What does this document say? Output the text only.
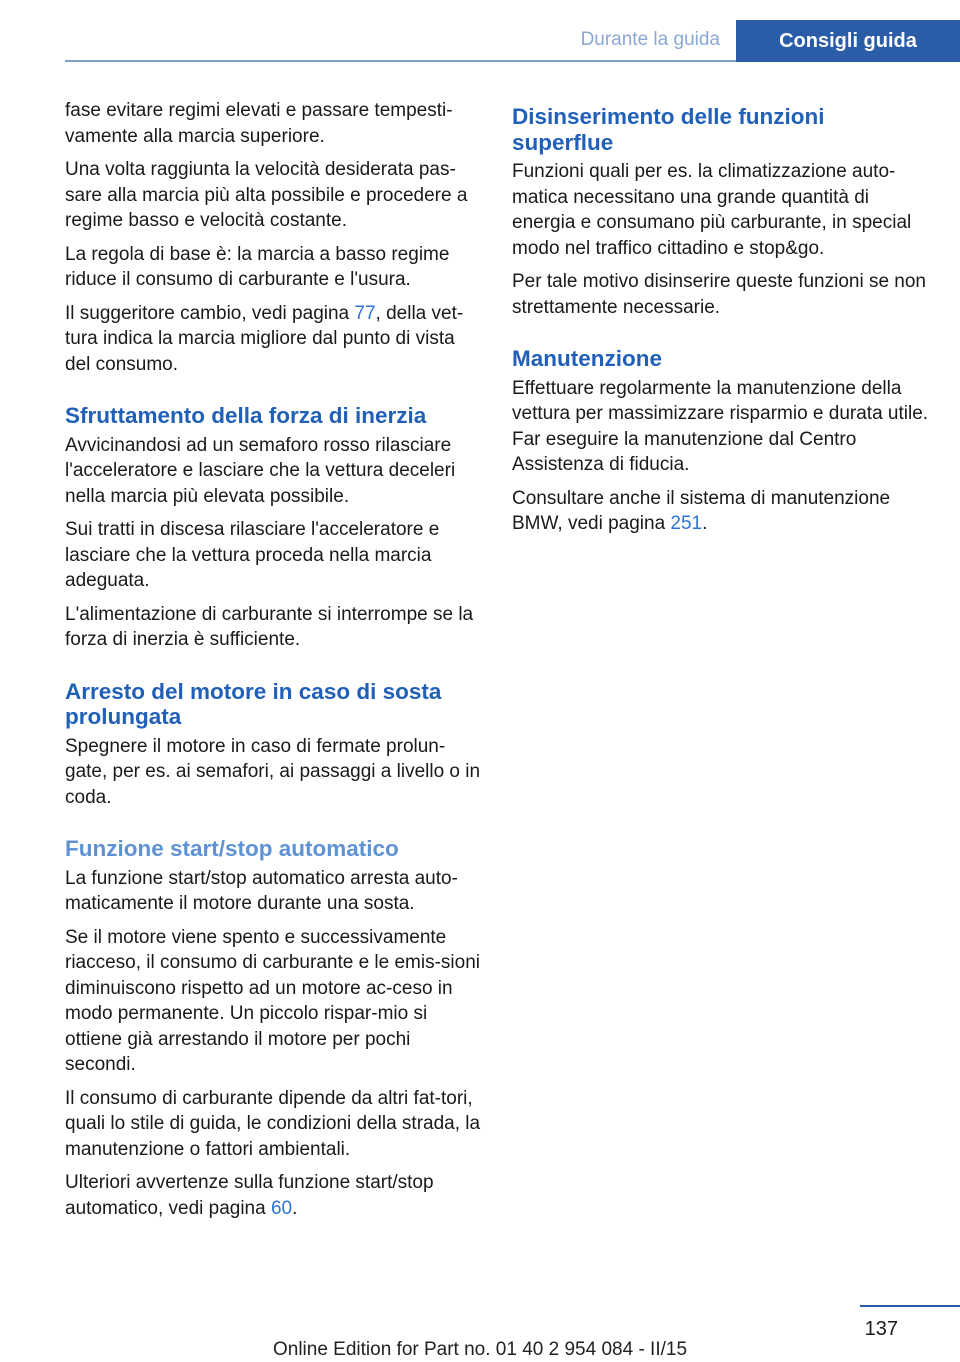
Durante la guida	Consigli guida

fase evitare regimi elevati e passare tempesti-vamente alla marcia superiore.

Una volta raggiunta la velocità desiderata pas-sare alla marcia più alta possibile e procedere a regime basso e velocità costante.

La regola di base è: la marcia a basso regime riduce il consumo di carburante e l'usura.

Il suggeritore cambio, vedi pagina 77, della vet-tura indica la marcia migliore dal punto di vista del consumo.

Sfruttamento della forza di inerzia

Avvicinandosi ad un semaforo rosso rilasciare l'acceleratore e lasciare che la vettura deceleri nella marcia più elevata possibile.

Sui tratti in discesa rilasciare l'acceleratore e lasciare che la vettura proceda nella marcia adeguata.

L'alimentazione di carburante si interrompe se la forza di inerzia è sufficiente.

Arresto del motore in caso di sosta prolungata

Spegnere il motore in caso di fermate prolun-gate, per es. ai semafori, ai passaggi a livello o in coda.

Funzione start/stop automatico

La funzione start/stop automatico arresta auto-maticamente il motore durante una sosta.

Se il motore viene spento e successivamente riacceso, il consumo di carburante e le emis-sioni diminuiscono rispetto ad un motore ac-ceso in modo permanente. Un piccolo rispar-mio si ottiene già arrestando il motore per pochi secondi.

Il consumo di carburante dipende da altri fat-tori, quali lo stile di guida, le condizioni della strada, la manutenzione o fattori ambientali.

Ulteriori avvertenze sulla funzione start/stop automatico, vedi pagina 60.

Disinserimento delle funzioni superflue

Funzioni quali per es. la climatizzazione auto-matica necessitano una grande quantità di energia e consumano più carburante, in special modo nel traffico cittadino e stop&go.

Per tale motivo disinserire queste funzioni se non strettamente necessarie.

Manutenzione

Effettuare regolarmente la manutenzione della vettura per massimizzare risparmio e durata utile. Far eseguire la manutenzione dal Centro Assistenza di fiducia.

Consultare anche il sistema di manutenzione BMW, vedi pagina 251.

137
Online Edition for Part no. 01 40 2 954 084 - II/15
